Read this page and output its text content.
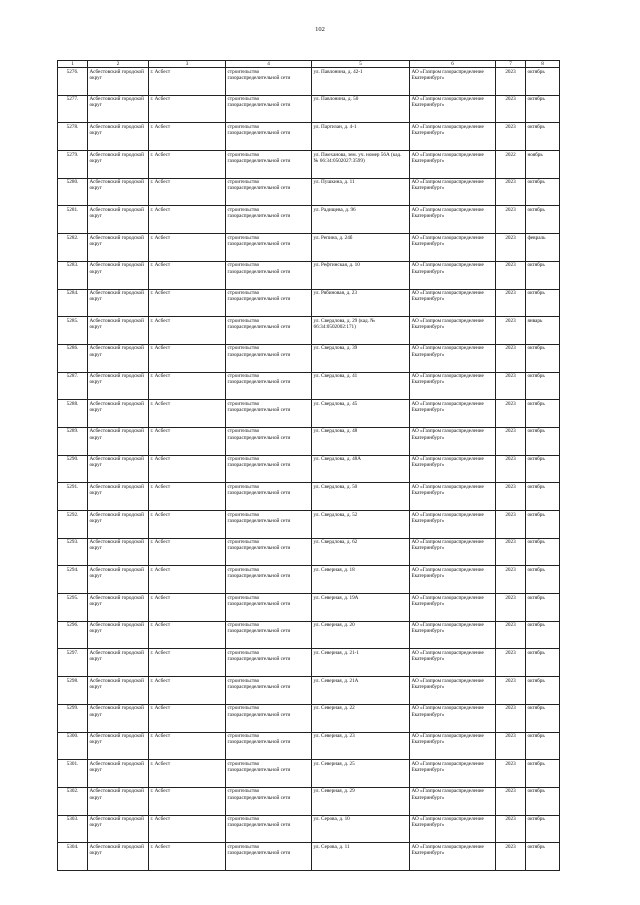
102
1	2	3	4	5	6	7	8
5276.	Асбестовский городской округ	г. Асбест	строительство газораспределительной сети	ул. Павлонина, д. 42-1	АО «Газпром газораспределение Екатеринбург»	2023	октябрь
5277.	Асбестовский городской округ	г. Асбест	строительство газораспределительной сети	ул. Павлонина, д. 50	АО «Газпром газораспределение Екатеринбург»	2023	октябрь
5278.	Асбестовский городской округ	г. Асбест	строительство газораспределительной сети	ул. Партизан, д. 4-1	АО «Газпром газораспределение Екатеринбург»	2023	октябрь
5279.	Асбестовский городской округ	г. Асбест	строительство газораспределительной сети	ул. Пжеханова, зем. уч. номер 56А (кад. № 66:34:0502027:3599)	АО «Газпром газораспределение Екатеринбург»	2022	ноябрь
5280.	Асбестовский городской округ	г. Асбест	строительство газораспределительной сети	ул. Пушкина, д. 11	АО «Газпром газораспределение Екатеринбург»	2023	октябрь
5281.	Асбестовский городской округ	г. Асбест	строительство газораспределительной сети	ул. Радищева, д. 96	АО «Газпром газораспределение Екатеринбург»	2023	октябрь
5282.	Асбестовский городской округ	г. Асбест	строительство газораспределительной сети	ул. Репина, д. 24б	АО «Газпром газораспределение Екатеринбург»	2023	февраль
5283.	Асбестовский городской округ	г. Асбест	строительство газораспределительной сети	ул. Рефтинская, д. 10	АО «Газпром газораспределение Екатеринбург»	2023	октябрь
5284.	Асбестовский городской округ	г. Асбест	строительство газораспределительной сети	ул. Рябиновая, д. 23	АО «Газпром газораспределение Екатеринбург»	2023	октябрь
5285.	Асбестовский городской округ	г. Асбест	строительство газораспределительной сети	ул. Свердлова, д. 29 (кад. № 66:34:0502002:171)	АО «Газпром газораспределение Екатеринбург»	2023	январь
5286.	Асбестовский городской округ	г. Асбест	строительство газораспределительной сети	ул. Свердлова, д. 39	АО «Газпром газораспределение Екатеринбург»	2023	октябрь
5287.	Асбестовский городской округ	г. Асбест	строительство газораспределительной сети	ул. Свердлова, д. 41	АО «Газпром газораспределение Екатеринбург»	2023	октябрь
5288.	Асбестовский городской округ	г. Асбест	строительство газораспределительной сети	ул. Свердлова, д. 45	АО «Газпром газораспределение Екатеринбург»	2023	октябрь
5289.	Асбестовский городской округ	г. Асбест	строительство газораспределительной сети	ул. Свердлова, д. 48	АО «Газпром газораспределение Екатеринбург»	2023	октябрь
5290.	Асбестовский городской округ	г. Асбест	строительство газораспределительной сети	ул. Свердлова, д. 48А	АО «Газпром газораспределение Екатеринбург»	2023	октябрь
5291.	Асбестовский городской округ	г. Асбест	строительство газораспределительной сети	ул. Свердлова, д. 50	АО «Газпром газораспределение Екатеринбург»	2023	октябрь
5292.	Асбестовский городской округ	г. Асбест	строительство газораспределительной сети	ул. Свердлова, д. 52	АО «Газпром газораспределение Екатеринбург»	2023	октябрь
5293.	Асбестовский городской округ	г. Асбест	строительство газораспределительной сети	ул. Свердлова, д. 62	АО «Газпром газораспределение Екатеринбург»	2023	октябрь
5294.	Асбестовский городской округ	г. Асбест	строительство газораспределительной сети	ул. Северная, д. 18	АО «Газпром газораспределение Екатеринбург»	2023	октябрь
5295.	Асбестовский городской округ	г. Асбест	строительство газораспределительной сети	ул. Северная, д. 19А	АО «Газпром газораспределение Екатеринбург»	2023	октябрь
5296.	Асбестовский городской округ	г. Асбест	строительство газораспределительной сети	ул. Северная, д. 20	АО «Газпром газораспределение Екатеринбург»	2023	октябрь
5297.	Асбестовский городской округ	г. Асбест	строительство газораспределительной сети	ул. Северная, д. 21-1	АО «Газпром газораспределение Екатеринбург»	2023	октябрь
5298.	Асбестовский городской округ	г. Асбест	строительство газораспределительной сети	ул. Северная, д. 21А	АО «Газпром газораспределение Екатеринбург»	2023	октябрь
5299.	Асбестовский городской округ	г. Асбест	строительство газораспределительной сети	ул. Северная, д. 22	АО «Газпром газораспределение Екатеринбург»	2023	октябрь
5300.	Асбестовский городской округ	г. Асбест	строительство газораспределительной сети	ул. Северная, д. 23	АО «Газпром газораспределение Екатеринбург»	2023	октябрь
5301.	Асбестовский городской округ	г. Асбест	строительство газораспределительной сети	ул. Северная, д. 25	АО «Газпром газораспределение Екатеринбург»	2023	октябрь
5302.	Асбестовский городской округ	г. Асбест	строительство газораспределительной сети	ул. Северная, д. 29	АО «Газпром газораспределение Екатеринбург»	2023	октябрь
5303.	Асбестовский городской округ	г. Асбест	строительство газораспределительной сети	ул. Серова, д. 10	АО «Газпром газораспределение Екатеринбург»	2023	октябрь
5304.	Асбестовский городской округ	г. Асбест	строительство газораспределительной сети	ул. Серова, д. 11	АО «Газпром газораспределение Екатеринбург»	2023	октябрь
